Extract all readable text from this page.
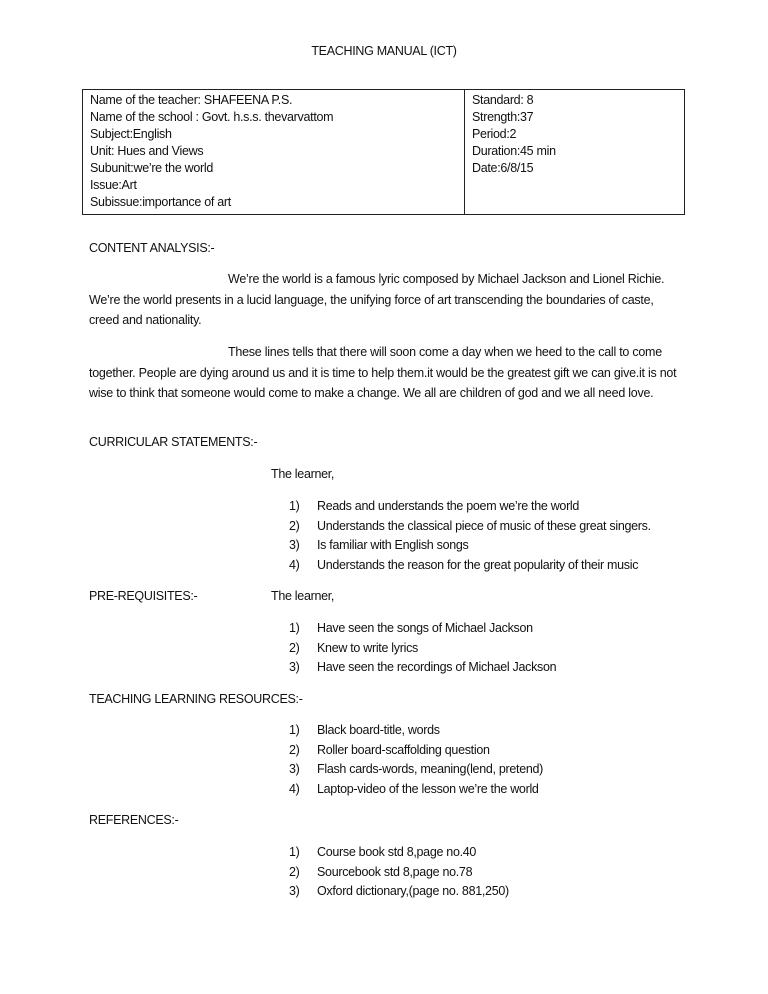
TEACHING MANUAL (ICT)
Name of the teacher: SHAFEENA P.S.
Name of the school : Govt. h.s.s. thevarvattom
Subject:English
Unit: Hues and Views
Subunit:we’re the world
Issue:Art
Subissue:importance of art

Standard: 8
Strength:37
Period:2
Duration:45 min
Date:6/8/15
CONTENT ANALYSIS:-
We’re the world is a famous lyric composed by Michael Jackson and Lionel Richie. We’re the world presents in a lucid language, the unifying force of art transcending the boundaries of caste, creed and nationality.
These lines tells that there will soon come a day when we heed to the call to come together. People are dying around us and it is time to help them.it would be the greatest gift we can give.it is not wise to think that someone would come to make a change. We all are children of god and we all need love.
CURRICULAR STATEMENTS:-
The learner,
1) Reads and understands the poem we’re the world
2) Understands the classical piece of music of these great singers.
3) Is familiar with English songs
4) Understands the reason for the great popularity of their music
PRE-REQUISITES:-	The learner,
1) Have seen the songs of Michael Jackson
2) Knew to write lyrics
3) Have seen the recordings of Michael Jackson
TEACHING LEARNING RESOURCES:-
1) Black board-title, words
2) Roller board-scaffolding question
3) Flash cards-words, meaning(lend, pretend)
4) Laptop-video of the lesson we’re the world
REFERENCES:-
1) Course book std 8,page no.40
2) Sourcebook std 8,page no.78
3) Oxford dictionary,(page no. 881,250)
